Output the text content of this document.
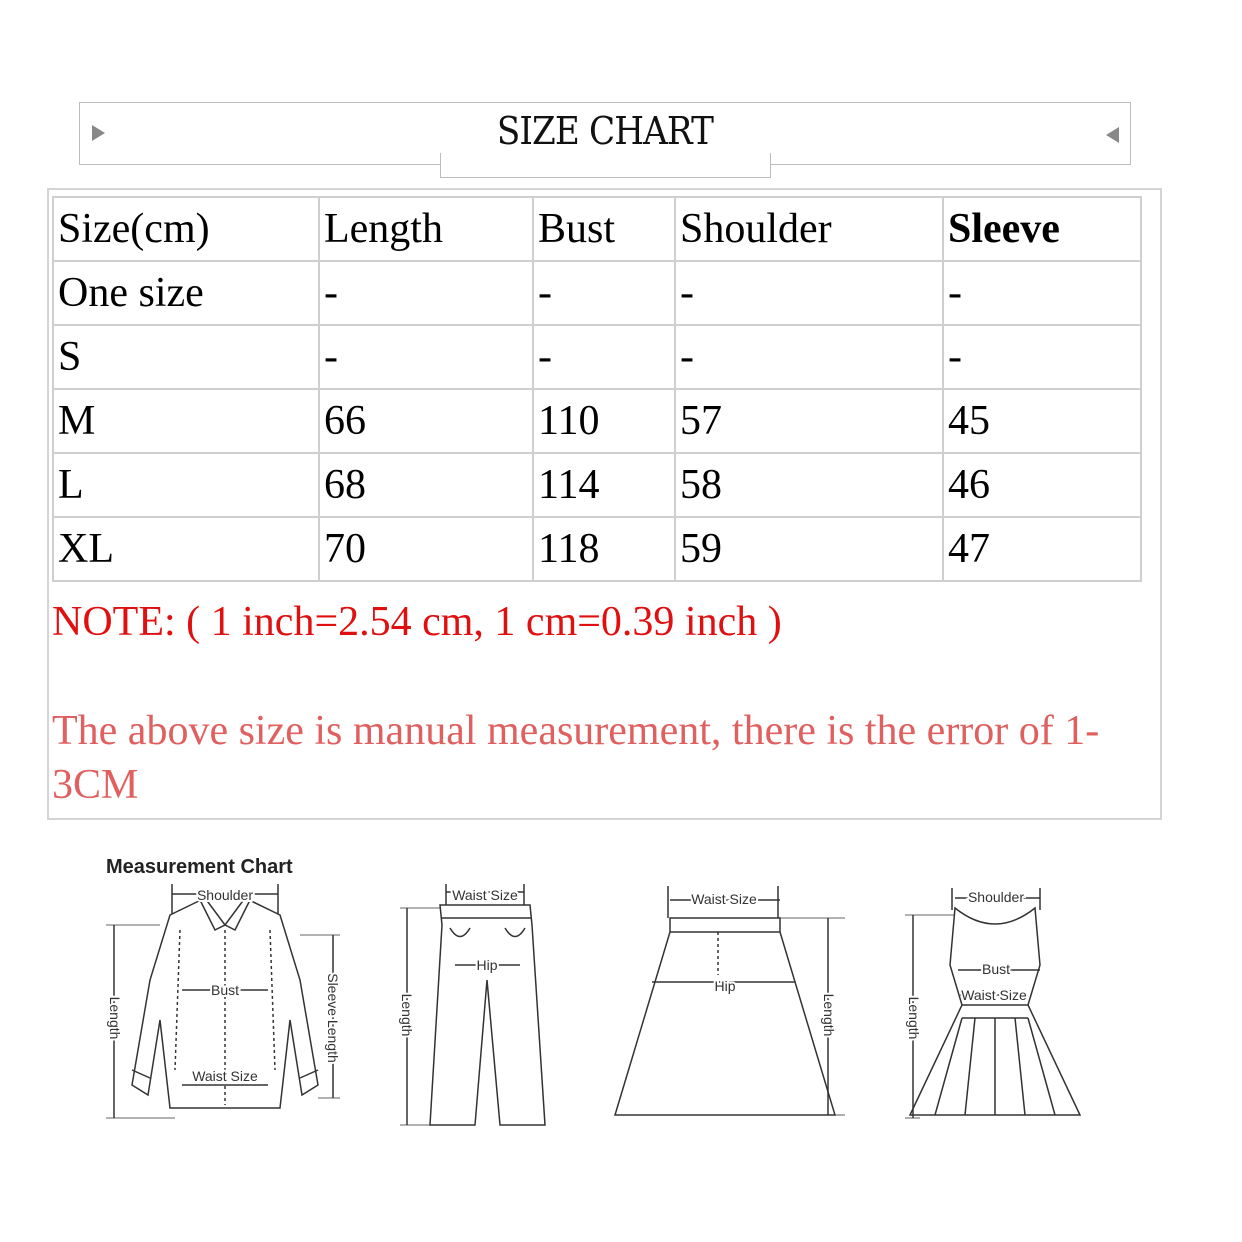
SIZE CHART
Size(cm)	Length	Bust	Shoulder	Sleeve
One size	-	-	-	-
S	-	-	-	-
M	66	110	57	45
L	68	114	58	46
XL	70	118	59	47
NOTE: ( 1 inch=2.54 cm, 1 cm=0.39 inch )
The above size is manual measurement, there is the error of 1-3CM
Measurement Chart
Shoulder
Bust
Waist Size
Length	Sleeve Length
Waist Size
Hip
Length
Waist Size
Hip
Length
Shoulder
Bust
Waist Size
Length
